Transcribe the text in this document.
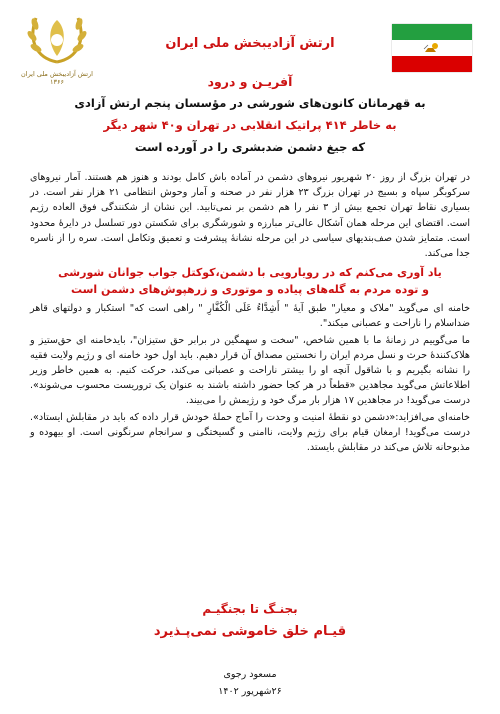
ارتش آزادیبخش ملی ایران
۱۳۶۶
ارتش آزادیبخش ملی ایران
آفریـن و درود
به قهرمانان کانون‌های شورشی در مؤسسان پنجم ارتش آزادی
به خاطر ۴۱۴ پراتیک انقلابی در تهران و۴۰ شهر دیگر
که جیغ دشمن ضدبشری را در آورده است

در تهران بزرگ از روز ۲۰ شهریور نیروهای دشمن در آماده باش کامل بودند و هنوز هم هستند. آمار نیروهای سرکوبگر سپاه و بسیج در تهران بزرگ ۲۳ هزار نفر در صحنه و آمار وحوش انتظامی ۲۱ هزار نفر است. در بسیاری نقاط تهران تجمع بیش از ۳ نفر را هم دشمن بر نمی‌تابید. این نشان از شکنندگی فوق العاده رژیم است. اقتضای این مرحله همان آشکال عالی‌تر مبارزه و شورشگری برای شکستن دور تسلسل در دایرهٔ محدود است. متمایز شدن صف‌بندیهای سیاسی در این مرحله نشانهٔ پیشرفت و تعمیق وتکامل است. سره را از ناسره جدا می‌کند.

یاد آوری می‌کنم که در رویارویی با دشمن،کوکتل جواب جوانان شورشی
و توده مردم به گله‌های پیاده و موتوری و زرهپوش‌های دشمن است

خامنه ای می‌گوید "ملاک و معیار" طبق آیهٔ " أَشِدَّاءُ عَلَى الْكُفَّارِ " راهی است که" استکبار و دولتهای قاهر ضداسلام را ناراحت و عصبانی میکند".

ما می‌گوییم در زمانهٔ ما با همین شاخص، "سخت و سهمگین در برابر حق ستیزان"، بایدخامنه ای حق‌ستیز و هلاک‌کنندهٔ حرث و نسل مردم ایران را نخستین مصداق آن قرار دهیم. باید اول خود خامنه ای و رژیم ولایت فقیه را نشانه بگیریم و با شاقول آنچه او را بیشتر ناراحت و عصبانی می‌کند، حرکت کنیم. به همین خاطر وزیر اطلاعاتش می‌گوید مجاهدین «قطعاً در هر کجا حضور داشته باشند به عنوان یک تروریست محسوب می‌شوند». درست می‌گوید! در مجاهدین ۱۷ هزار بار مرگ خود و رژیمش را می‌بیند.

خامنه‌ای می‌افزاید:«دشمن دو نقطهٔ امنیت و وحدت را آماج حملهٔ خودش قرار داده که باید در مقابلش ایستاد». درست می‌گوید! ارمغان قیام برای رژیم ولایت، ناامنی و گسیختگی و سرانجام سرنگونی است. او بیهوده و مذبوحانه تلاش می‌کند در مقابلش بایستد.

بجنـگ تا بجنگیـم
قیـام خلق خاموشی نمی‌پـذیرد
مسعود رجوی
۲۶شهریور ۱۴۰۲
